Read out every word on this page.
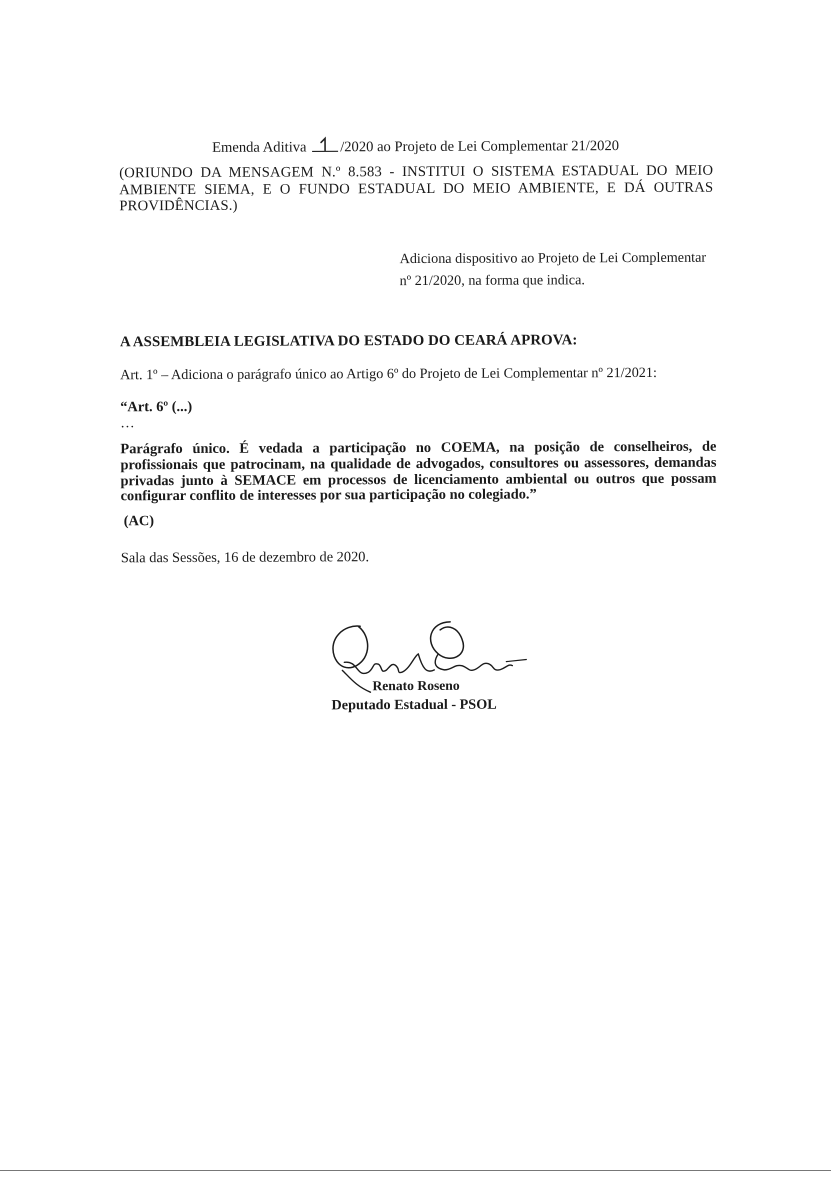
Emenda Aditiva
/2020 ao Projeto de Lei Complementar 21/2020
(ORIUNDO DA MENSAGEM N.º 8.583 - INSTITUI O SISTEMA ESTADUAL DO MEIO
AMBIENTE SIEMA, E O FUNDO ESTADUAL DO MEIO AMBIENTE, E DÁ OUTRAS
PROVIDÊNCIAS.)
Adiciona dispositivo ao Projeto de Lei Complementar
nº 21/2020, na forma que indica.
A ASSEMBLEIA LEGISLATIVA DO ESTADO DO CEARÁ APROVA:
Art. 1º – Adiciona o parágrafo único ao Artigo 6º do Projeto de Lei Complementar nº 21/2021:
“Art. 6º (...)
…
Parágrafo único. É vedada a participação no COEMA, na posição de conselheiros, de
profissionais que patrocinam, na qualidade de advogados, consultores ou assessores, demandas
privadas junto à SEMACE em processos de licenciamento ambiental ou outros que possam
configurar conflito de interesses por sua participação no colegiado.”
(AC)
Sala das Sessões, 16 de dezembro de 2020.
Renato Roseno
Deputado Estadual - PSOL
